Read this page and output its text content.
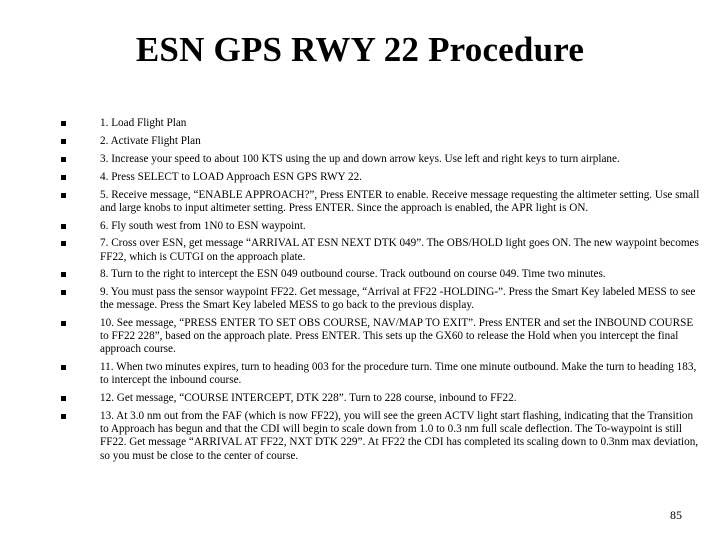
ESN GPS RWY 22 Procedure
1. Load Flight Plan
2. Activate Flight Plan
3. Increase your speed to about 100 KTS using the up and down arrow keys. Use left and right keys to turn airplane.
4. Press SELECT to LOAD Approach ESN GPS RWY 22.
5. Receive message, “ENABLE APPROACH?”, Press ENTER to enable. Receive message requesting the altimeter setting. Use small and large knobs to input altimeter setting. Press ENTER. Since the approach is enabled, the APR light is ON.
6. Fly south west from 1N0 to ESN waypoint.
7. Cross over ESN, get message “ARRIVAL AT ESN NEXT DTK 049”. The OBS/HOLD light goes ON. The new waypoint becomes FF22, which is CUTGI on the approach plate.
8. Turn to the right to intercept the ESN 049 outbound course. Track outbound on course 049. Time two minutes.
9. You must pass the sensor waypoint FF22. Get message, “Arrival at FF22 -HOLDING-”. Press the Smart Key labeled MESS to see the message. Press the Smart Key labeled MESS to go back to the previous display.
10. See message, “PRESS ENTER TO SET OBS COURSE, NAV/MAP TO EXIT”. Press ENTER and set the INBOUND COURSE to FF22 228”, based on the approach plate. Press ENTER. This sets up the GX60 to release the Hold when you intercept the final approach course.
11. When two minutes expires, turn to heading 003 for the procedure turn. Time one minute outbound. Make the turn to heading 183, to intercept the inbound course.
12. Get message, “COURSE INTERCEPT, DTK 228”. Turn to 228 course, inbound to FF22.
13. At 3.0 nm out from the FAF (which is now FF22), you will see the green ACTV light start flashing, indicating that the Transition to Approach has begun and that the CDI will begin to scale down from 1.0 to 0.3 nm full scale deflection. The To-waypoint is still FF22. Get message “ARRIVAL AT FF22, NXT DTK 229”. At FF22 the CDI has completed its scaling down to 0.3nm max deviation, so you must be close to the center of course.
85
